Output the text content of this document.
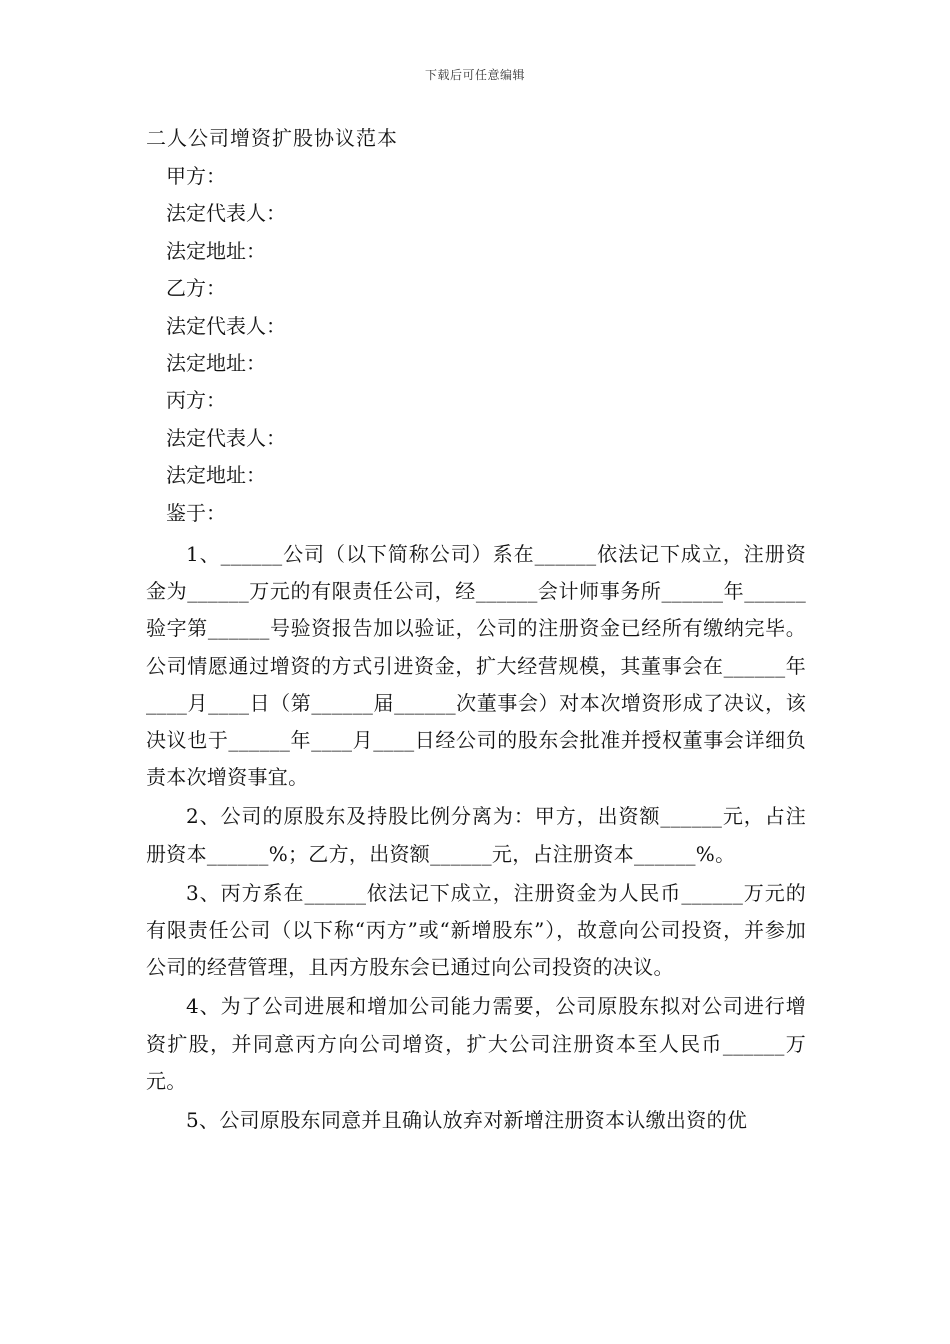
下载后可任意编辑
二人公司增资扩股协议范本
甲方：
法定代表人：
法定地址：
乙方：
法定代表人：
法定地址：
丙方：
法定代表人：
法定地址：
鉴于：

1、______公司（以下简称公司）系在______依法记下成立，注册资金为______万元的有限责任公司，经______会计师事务所______年______验字第______号验资报告加以验证，公司的注册资金已经所有缴纳完毕。公司情愿通过增资的方式引进资金，扩大经营规模，其董事会在______年____月____日（第______届______次董事会）对本次增资形成了决议，该决议也于______年____月____日经公司的股东会批准并授权董事会详细负责本次增资事宜。

2、公司的原股东及持股比例分离为：甲方，出资额______元，占注册资本______%；乙方，出资额______元，占注册资本______%。

3、丙方系在______依法记下成立，注册资金为人民币______万元的有限责任公司（以下称“丙方”或“新增股东”），故意向公司投资，并参加公司的经营管理，且丙方股东会已通过向公司投资的决议。

4、为了公司进展和增加公司能力需要，公司原股东拟对公司进行增资扩股，并同意丙方向公司增资，扩大公司注册资本至人民币______万元。

5、公司原股东同意并且确认放弃对新增注册资本认缴出资的优
